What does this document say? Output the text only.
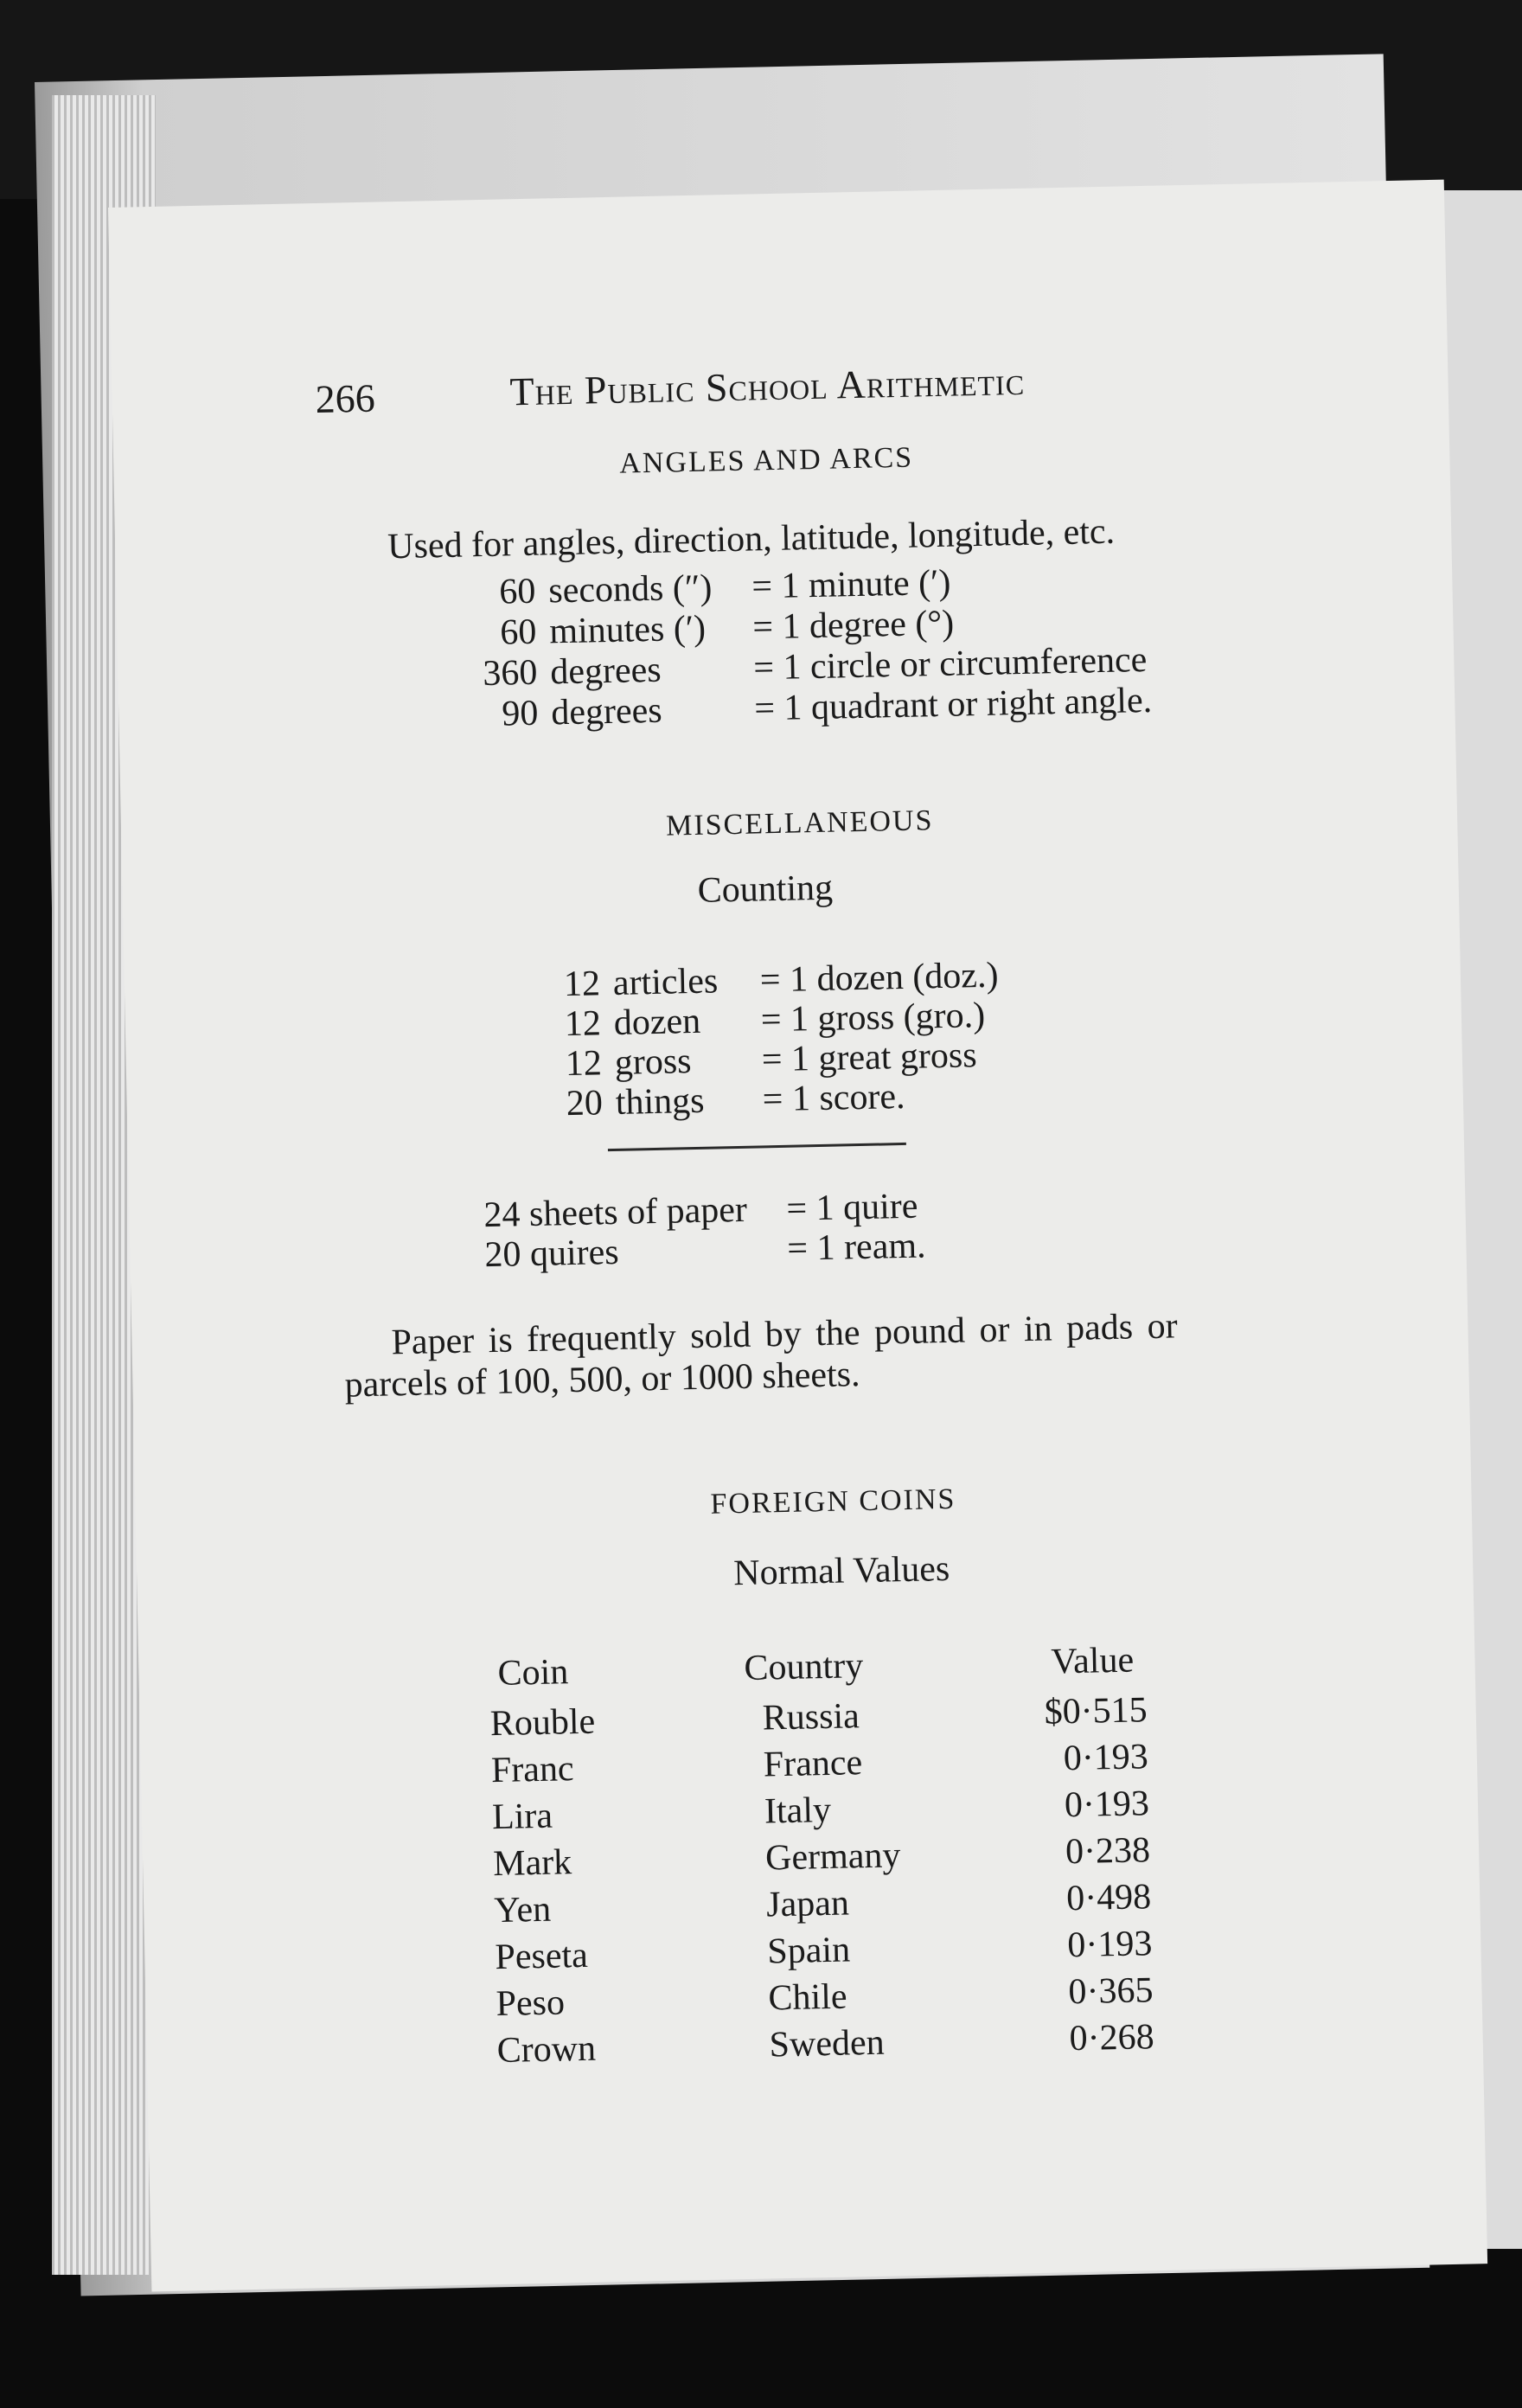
266	The Public School Arithmetic
ANGLES AND ARCS
Used for angles, direction, latitude, longitude, etc.
60 seconds (″) = 1 minute (′)
60 minutes (′) = 1 degree (°)
360 degrees	= 1 circle or circumference
90 degrees	= 1 quadrant or right angle.
MISCELLANEOUS
Counting
12 articles = 1 dozen (doz.)
12 dozen = 1 gross (gro.)
12 gross = 1 great gross
20 things = 1 score.
24 sheets of paper = 1 quire
20 quires	= 1 ream.
Paper is frequently sold by the pound or in pads or
parcels of 100, 500, or 1000 sheets.
FOREIGN COINS
Normal Values
Coin	Country	Value
Rouble	Russia	$0·515
Franc	France	0·193
Lira	Italy	0·193
Mark	Germany	0·238
Yen	Japan	0·498
Peseta	Spain	0·193
Peso	Chile	0·365
Crown	Sweden	0·268
